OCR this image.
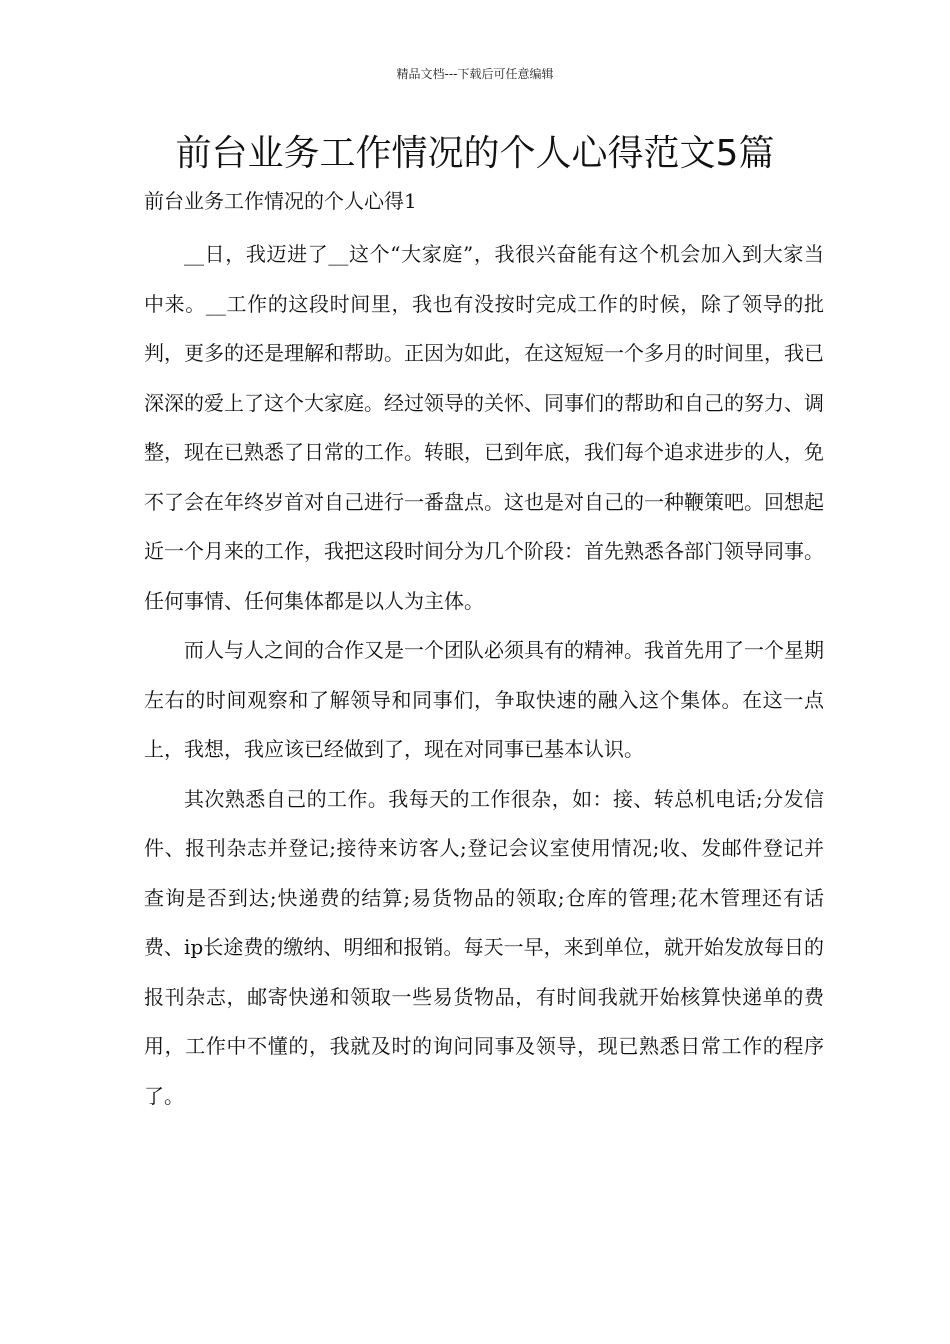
精品文档---下载后可任意编辑
前台业务工作情况的个人心得范文5篇
前台业务工作情况的个人心得1

__日，我迈进了__这个“大家庭”，我很兴奋能有这个机会加入到大家当中来。__工作的这段时间里，我也有没按时完成工作的时候，除了领导的批判，更多的还是理解和帮助。正因为如此，在这短短一个多月的时间里，我已深深的爱上了这个大家庭。经过领导的关怀、同事们的帮助和自己的努力、调整，现在已熟悉了日常的工作。转眼，已到年底，我们每个追求进步的人，免不了会在年终岁首对自己进行一番盘点。这也是对自己的一种鞭策吧。回想起近一个月来的工作，我把这段时间分为几个阶段：首先熟悉各部门领导同事。任何事情、任何集体都是以人为主体。

而人与人之间的合作又是一个团队必须具有的精神。我首先用了一个星期左右的时间观察和了解领导和同事们，争取快速的融入这个集体。在这一点上，我想，我应该已经做到了，现在对同事已基本认识。

其次熟悉自己的工作。我每天的工作很杂，如：接、转总机电话;分发信件、报刊杂志并登记;接待来访客人;登记会议室使用情况;收、发邮件登记并查询是否到达;快递费的结算;易货物品的领取;仓库的管理;花木管理还有话费、ip长途费的缴纳、明细和报销。每天一早，来到单位，就开始发放每日的报刊杂志，邮寄快递和领取一些易货物品，有时间我就开始核算快递单的费用，工作中不懂的，我就及时的询问同事及领导，现已熟悉日常工作的程序了。
